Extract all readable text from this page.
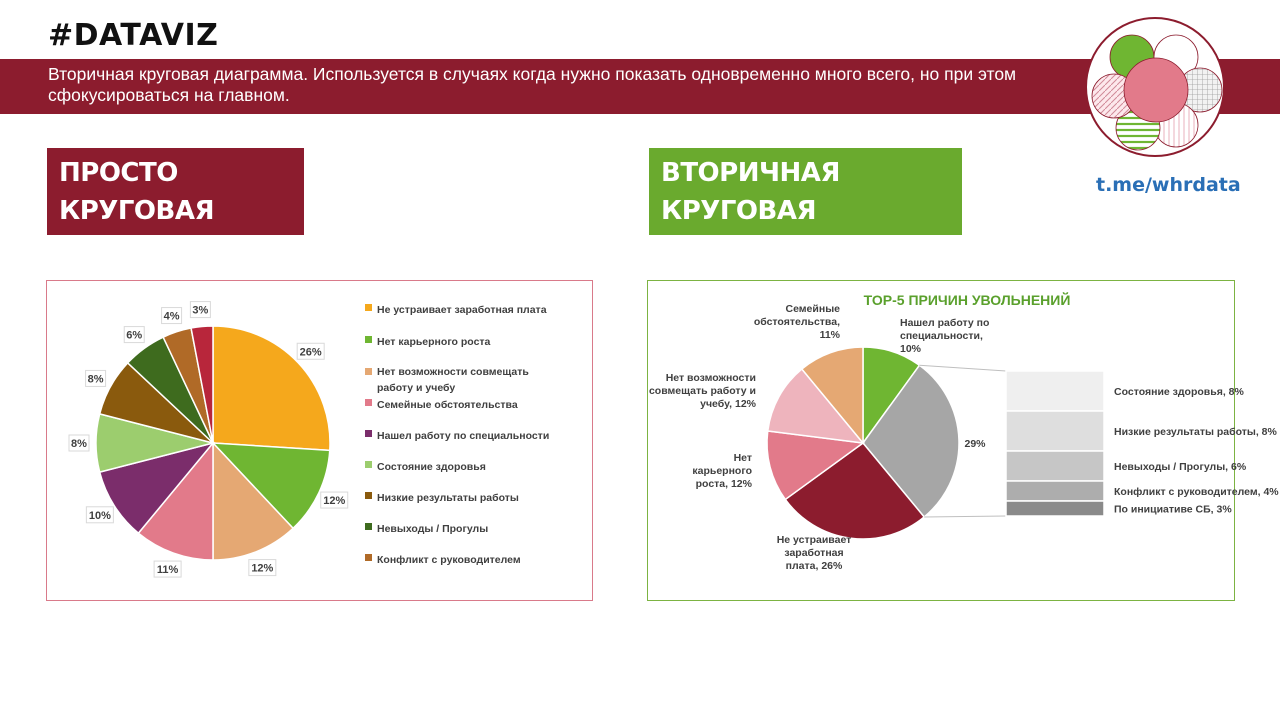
#DATAVIZ
Вторичная круговая диаграмма. Используется в случаях когда нужно показать одновременно много всего, но при этом сфокусироваться на главном.
t.me/whrdata
ПРОСТО КРУГОВАЯ
ДИАГРАММА:
ВТОРИЧНАЯ КРУГОВАЯ
ДИАГРАММА:
26%
12%
12%
11%
10%
8%
8%
6%
4% 3%	Не устраивает заработная плата
Нет карьерного роста
Нет возможности совмещать
работу и учебу
Семейные обстоятельства
Нашел работу по специальности
Состояние здоровья
Низкие результаты работы
Невыходы / Прогулы
Конфликт с руководителем
TOP-5 ПРИЧИН УВОЛЬНЕНИЙ
Не устраивает
заработная
плата, 26%
Нет
карьерного
роста, 12%
Нет возможности
совмещать работу и
учебу, 12%
Семейные
обстоятельства,
11%
Нашел работу по
специальности,
10%
29%
Состояние здоровья, 8%
Низкие результаты работы, 8%
Невыходы / Прогулы, 6%
Конфликт с руководителем, 4%
По инициативе СБ, 3%
